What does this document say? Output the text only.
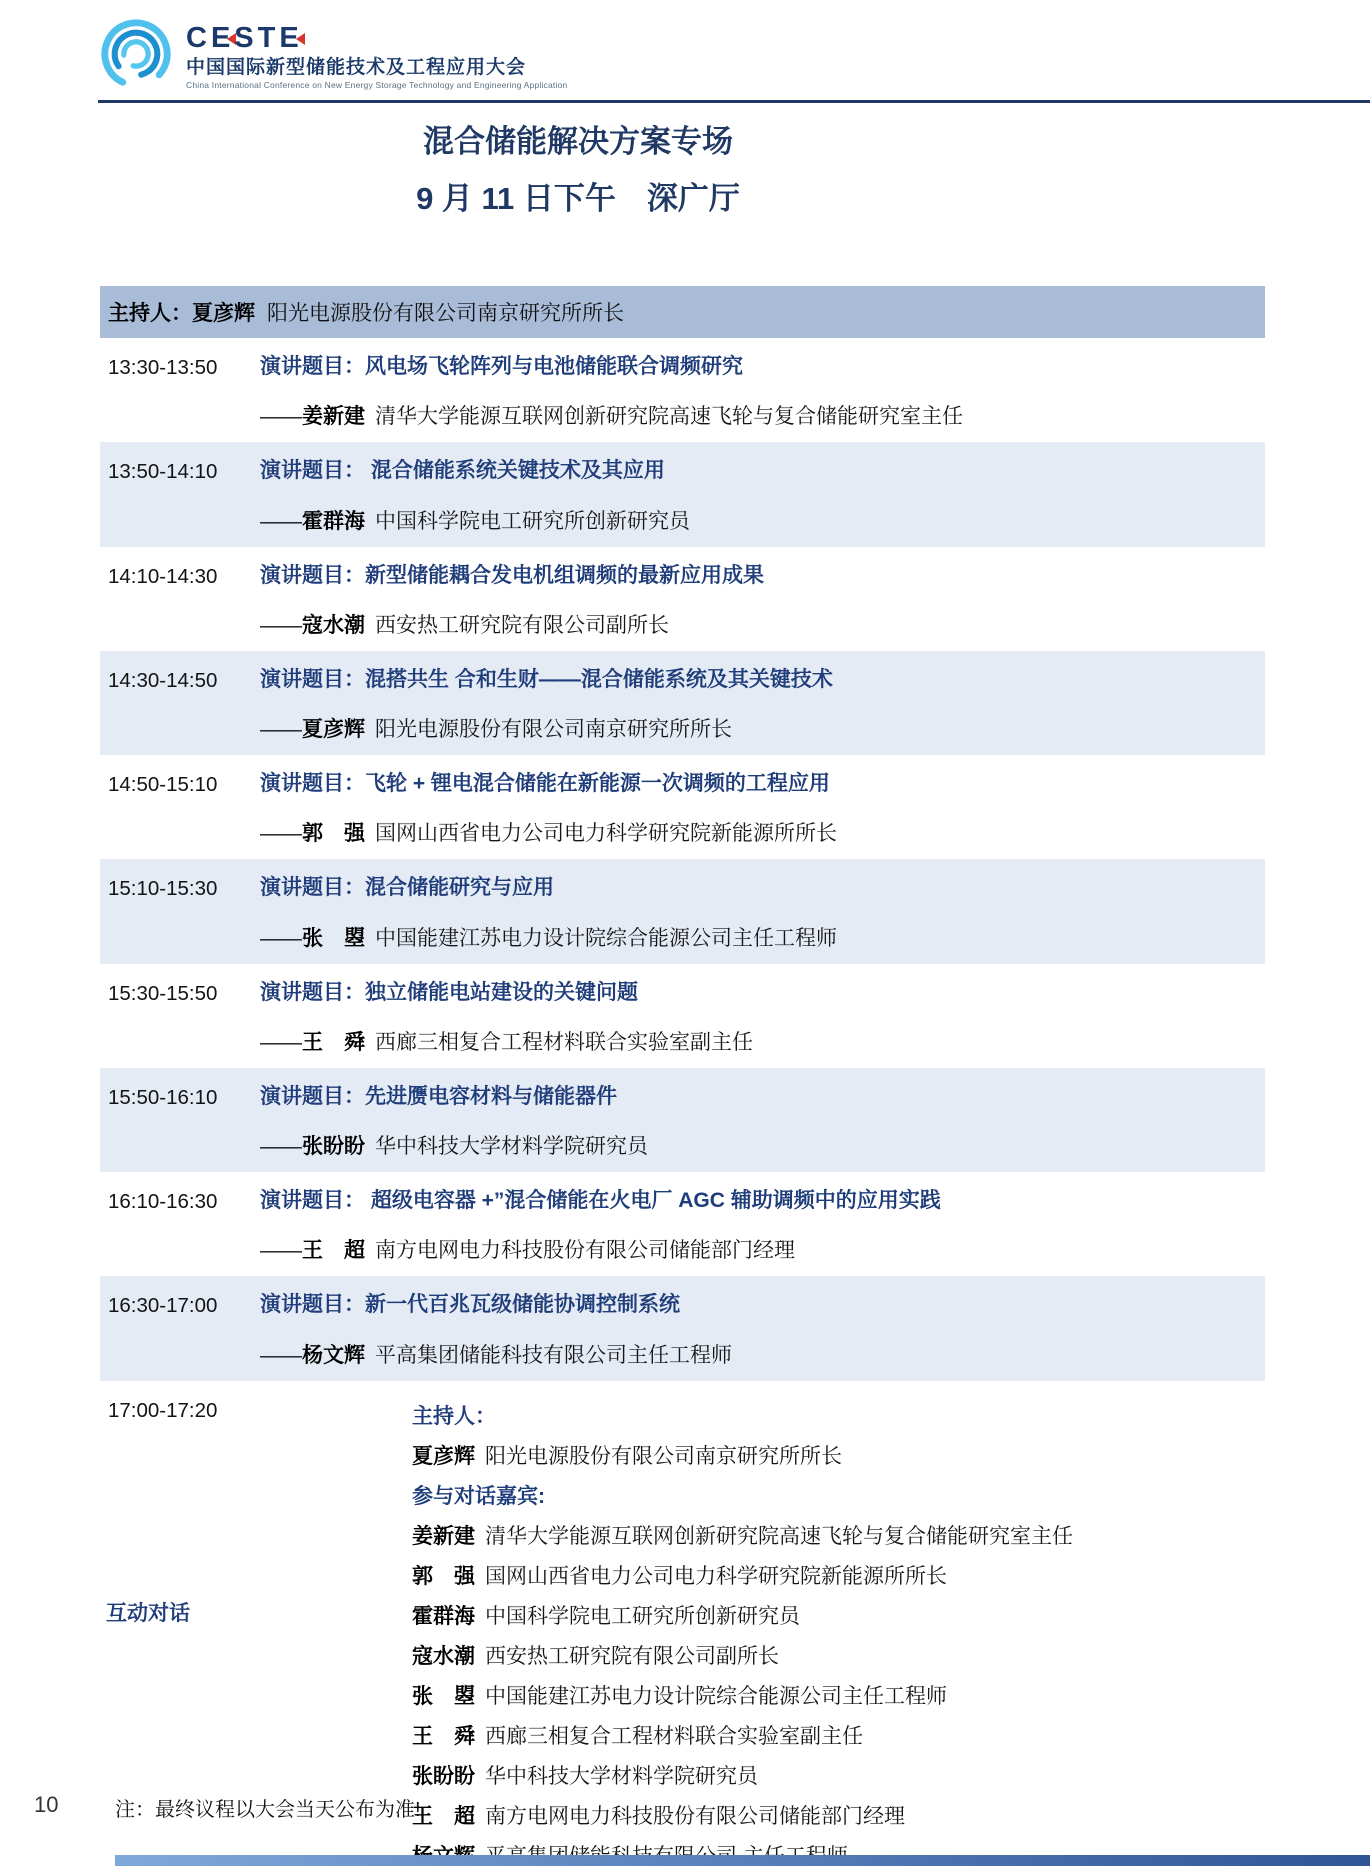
CESTE
中国国际新型储能技术及工程应用大会
China International Conference on New Energy Storage Technology and Engineering Application
混合储能解决方案专场
9 月 11 日下午　深广厅
主持人：夏彦辉 阳光电源股份有限公司南京研究所所长
13:30-13:50	演讲题目：风电场飞轮阵列与电池储能联合调频研究
——姜新建 清华大学能源互联网创新研究院高速飞轮与复合储能研究室主任
13:50-14:10	演讲题目： 混合储能系统关键技术及其应用
——霍群海 中国科学院电工研究所创新研究员
14:10-14:30	演讲题目：新型储能耦合发电机组调频的最新应用成果
——寇水潮 西安热工研究院有限公司副所长
14:30-14:50	演讲题目：混搭共生 合和生财——混合储能系统及其关键技术
——夏彦辉 阳光电源股份有限公司南京研究所所长
14:50-15:10	演讲题目：飞轮 + 锂电混合储能在新能源一次调频的工程应用
——郭　强 国网山西省电力公司电力科学研究院新能源所所长
15:10-15:30	演讲题目：混合储能研究与应用
——张　曌 中国能建江苏电力设计院综合能源公司主任工程师
15:30-15:50	演讲题目：独立储能电站建设的关键问题
——王　舜 西廊三相复合工程材料联合实验室副主任
15:50-16:10	演讲题目：先进赝电容材料与储能器件
——张盼盼 华中科技大学材料学院研究员
16:10-16:30	演讲题目： 超级电容器 +”混合储能在火电厂 AGC 辅助调频中的应用实践
——王　超 南方电网电力科技股份有限公司储能部门经理
16:30-17:00	演讲题目：新一代百兆瓦级储能协调控制系统
——杨文辉 平高集团储能科技有限公司主任工程师
17:00-17:20
互动对话
主持人：
夏彦辉 阳光电源股份有限公司南京研究所所长
参与对话嘉宾:
姜新建 清华大学能源互联网创新研究院高速飞轮与复合储能研究室主任
郭　强 国网山西省电力公司电力科学研究院新能源所所长
霍群海 中国科学院电工研究所创新研究员
寇水潮 西安热工研究院有限公司副所长
张　曌 中国能建江苏电力设计院综合能源公司主任工程师
王　舜 西廊三相复合工程材料联合实验室副主任
张盼盼 华中科技大学材料学院研究员
王　超 南方电网电力科技股份有限公司储能部门经理
10	注：最终议程以大会当天公布为准!
